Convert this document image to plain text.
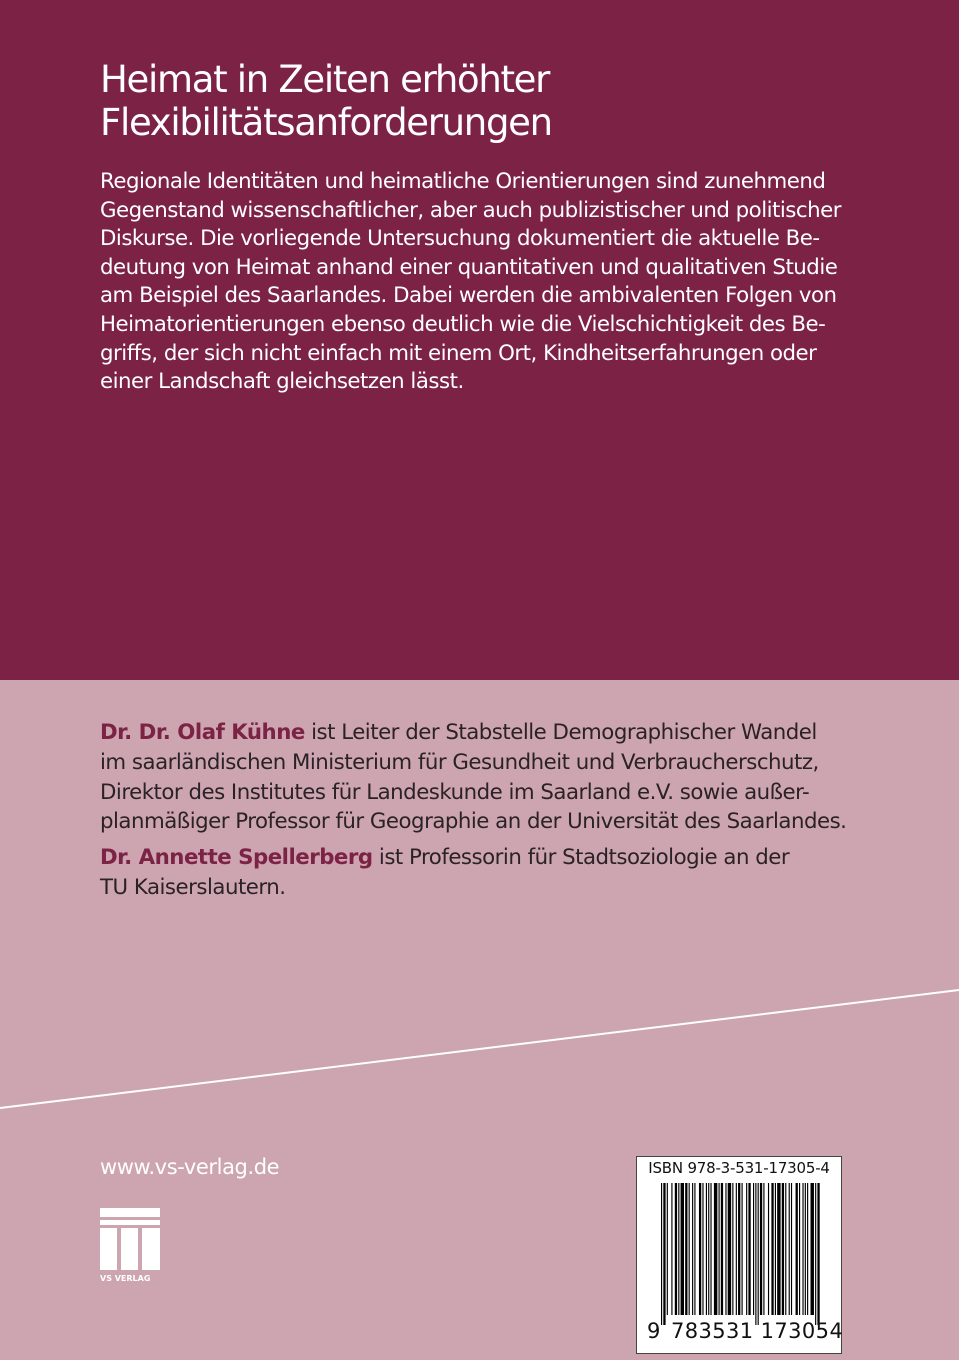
Heimat in Zeiten erhöhter
Flexibilitätsanforderungen
Regionale Identitäten und heimatliche Orientierungen sind zunehmend
Gegenstand wissenschaftlicher, aber auch publizistischer und politischer
Diskurse. Die vorliegende Untersuchung dokumentiert die aktuelle Be-
deutung von Heimat anhand einer quantitativen und qualitativen Studie
am Beispiel des Saarlandes. Dabei werden die ambivalenten Folgen von
Heimatorientierungen ebenso deutlich wie die Vielschichtigkeit des Be-
griffs, der sich nicht einfach mit einem Ort, Kindheitserfahrungen oder
einer Landschaft gleichsetzen lässt.
Dr. Dr. Olaf Kühne ist Leiter der Stabstelle Demographischer Wandel
im saarländischen Ministerium für Gesundheit und Verbraucherschutz,
Direktor des Institutes für Landeskunde im Saarland e.V. sowie außer-
planmäßiger Professor für Geographie an der Universität des Saarlandes.
Dr. Annette Spellerberg ist Professorin für Stadtsoziologie an der
TU Kaiserslautern.
www.vs-verlag.de
VS VERLAG
ISBN 978-3-531-17305-4
9 783531 173054
